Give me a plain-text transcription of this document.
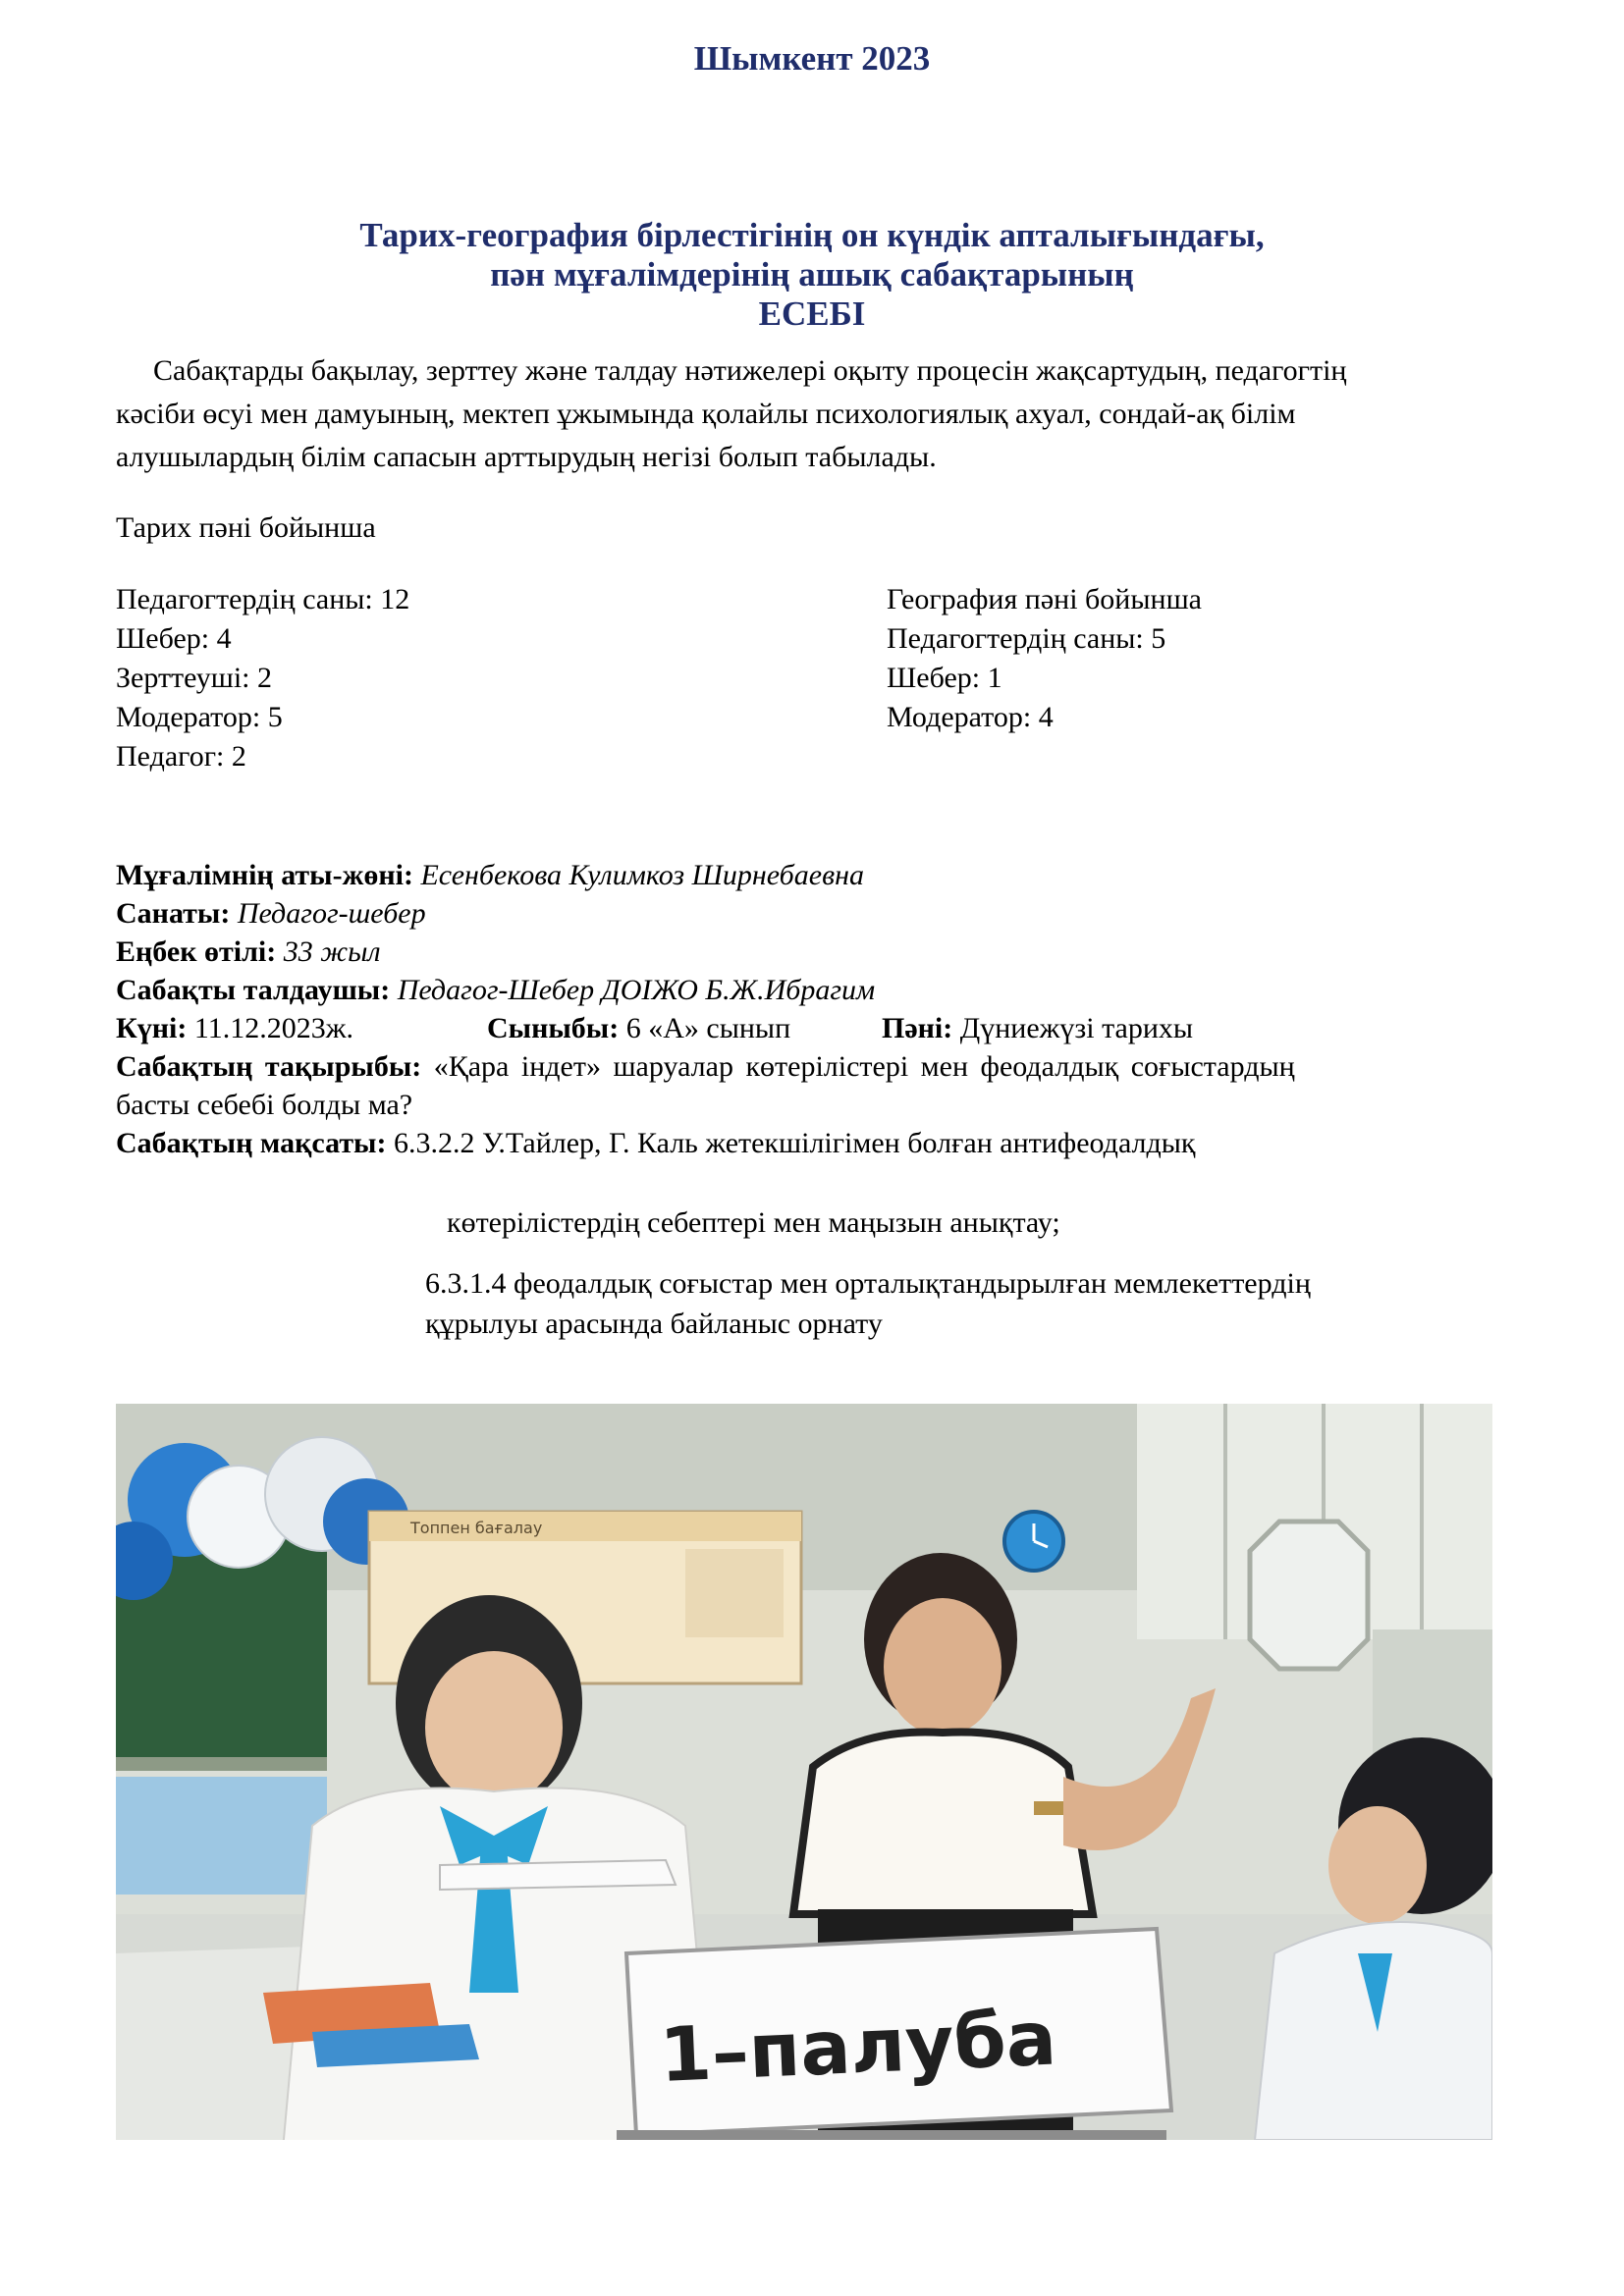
Шымкент 2023
Тарих-география бірлестігінің он күндік апталығындағы,
пән мұғалімдерінің ашық сабақтарының
ЕСЕБІ
Сабақтарды бақылау, зерттеу және талдау нәтижелері оқыту процесін жақсартудың, педагогтің
кәсіби өсуі мен дамуының, мектеп ұжымында қолайлы психологиялық ахуал, сондай-ақ білім
алушылардың білім сапасын арттырудың негізі болып табылады.
Тарих пәні бойынша
Педагогтердің саны: 12
Шебер: 4
Зерттеуші: 2
Модератор: 5
Педагог: 2
География пәні бойынша
Педагогтердің саны: 5
Шебер: 1
Модератор: 4
Мұғалімнің аты-жөні: Есенбекова Кулимкоз Ширнебаевна
Санаты: Педагог-шебер
Еңбек өтілі: 33 жыл
Сабақты талдаушы: Педагог-Шебер ДОІЖО Б.Ж.Ибрагим
Күні: 11.12.2023ж.	Сыныбы: 6 «А» сынып	Пәні: Дүниежүзі тарихы
Сабақтың тақырыбы: «Қара індет» шаруалар көтерілістері мен феодалдық соғыстардың
басты себебі болды ма?
Сабақтың мақсаты: 6.3.2.2 У.Тайлер, Г. Каль жетекшілігімен болған антифеодалдық
көтерілістердің себептері мен маңызын анықтау;
6.3.1.4 феодалдық соғыстар мен орталықтандырылған мемлекеттердің
құрылуы арасында байланыс орнату
Топпен бағалау
1–палуба
